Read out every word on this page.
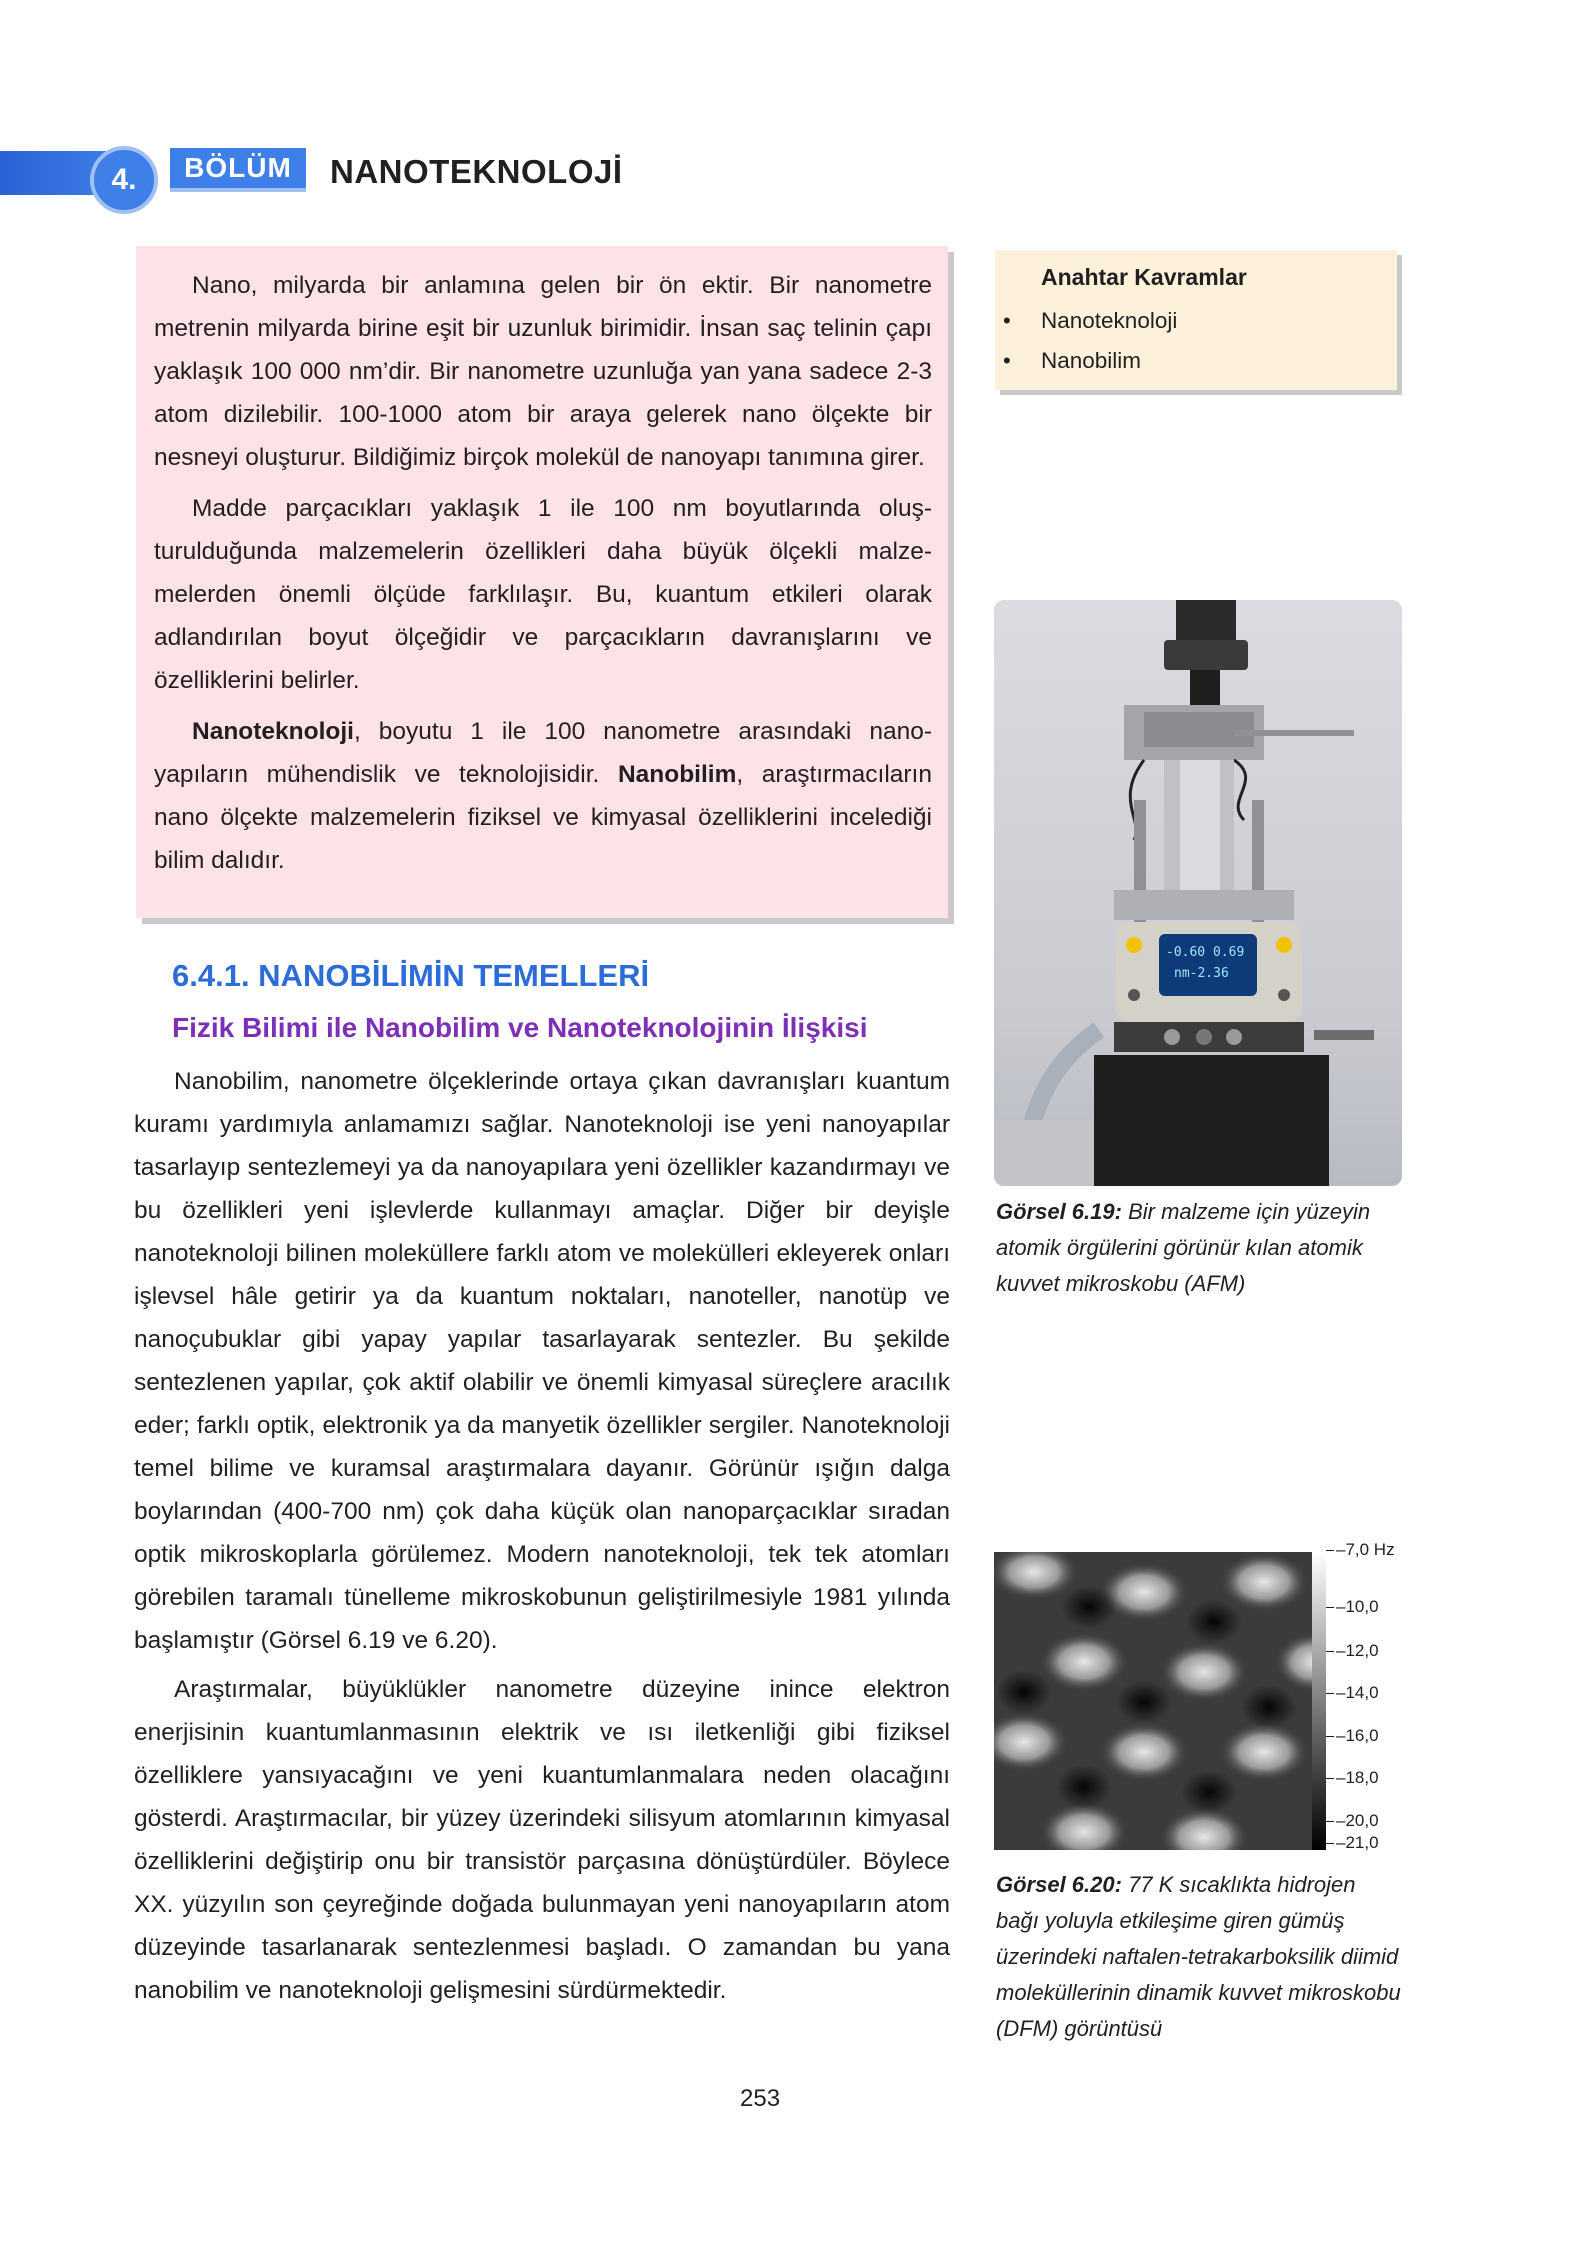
4.	BÖLÜM	NANOTEKNOLOJİ

Nano, milyarda bir anlamına gelen bir ön ektir. Bir nanometre metrenin milyarda birine eşit bir uzunluk birimidir. İnsan saç telinin çapı yaklaşık 100 000 nm’dir. Bir nanometre uzunluğa yan yana sadece 2-3 atom dizilebilir. 100-1000 atom bir araya gelerek nano ölçekte bir nesneyi oluşturur. Bildiğimiz birçok molekül de nanoyapı tanımına girer.

Madde parçacıkları yaklaşık 1 ile 100 nm boyutlarında oluşturulduğunda malzemelerin özellikleri daha büyük ölçekli malzemelerden önemli ölçüde farklılaşır. Bu, kuantum etkileri olarak adlandırılan boyut ölçeğidir ve parçacıkların davranışlarını ve özelliklerini belirler.

Nanoteknoloji, boyutu 1 ile 100 nanometre arasındaki nanoyapıların mühendislik ve teknolojisidir. Nanobilim, araştırmacıların nano ölçekte malzemelerin fiziksel ve kimyasal özelliklerini incelediği bilim dalıdır.

Anahtar Kavramlar
• Nanoteknoloji
• Nanobilim
-0.60 0.69
nm-2.36
Görsel 6.19: Bir malzeme için yüzeyin atomik örgülerini görünür kılan atomik kuvvet mikroskobu (AFM)
–7,0 Hz
–10,0
–12,0
–14,0
–16,0
–18,0
–20,0
–21,0
Görsel 6.20: 77 K sıcaklıkta hidrojen bağı yoluyla etkileşime giren gümüş üzerindeki naftalen-tetrakarboksilik diimid moleküllerinin dinamik kuvvet mikroskobu (DFM) görüntüsü
6.4.1. NANOBİLİMİN TEMELLERİ
Fizik Bilimi ile Nanobilim ve Nanoteknolojinin İlişkisi

Nanobilim, nanometre ölçeklerinde ortaya çıkan davranışları kuantum kuramı yardımıyla anlamamızı sağlar. Nanoteknoloji ise yeni nanoyapılar tasarlayıp sentezlemeyi ya da nanoyapılara yeni özellikler kazandırmayı ve bu özellikleri yeni işlevlerde kullanmayı amaçlar. Diğer bir deyişle nanoteknoloji bilinen moleküllere farklı atom ve molekülleri ekleyerek onları işlevsel hâle getirir ya da kuantum noktaları, nanoteller, nanotüp ve nanoçubuklar gibi yapay yapılar tasarlayarak sentezler. Bu şekilde sentezlenen yapılar, çok aktif olabilir ve önemli kimyasal süreçlere aracılık eder; farklı optik, elektronik ya da manyetik özellikler sergiler. Nanoteknoloji temel bilime ve kuramsal araştırmalara dayanır. Görünür ışığın dalga boylarından (400-700 nm) çok daha küçük olan nanoparçacıklar sıradan optik mikroskoplarla görülemez. Modern nanoteknoloji, tek tek atomları görebilen taramalı tünelleme mikroskobunun geliştirilmesiyle 1981 yılında başlamıştır (Görsel 6.19 ve 6.20).

Araştırmalar, büyüklükler nanometre düzeyine inince elektron enerjisinin kuantumlanmasının elektrik ve ısı iletkenliği gibi fiziksel özelliklere yansıyacağını ve yeni kuantumlanmalara neden olacağını gösterdi. Araştırmacılar, bir yüzey üzerindeki silisyum atomlarının kimyasal özelliklerini değiştirip onu bir transistör parçasına dönüştürdüler. Böylece XX. yüzyılın son çeyreğinde doğada bulunmayan yeni nanoyapıların atom düzeyinde tasarlanarak sentezlenmesi başladı. O zamandan bu yana nanobilim ve nanoteknoloji gelişmesini sürdürmektedir.

253
